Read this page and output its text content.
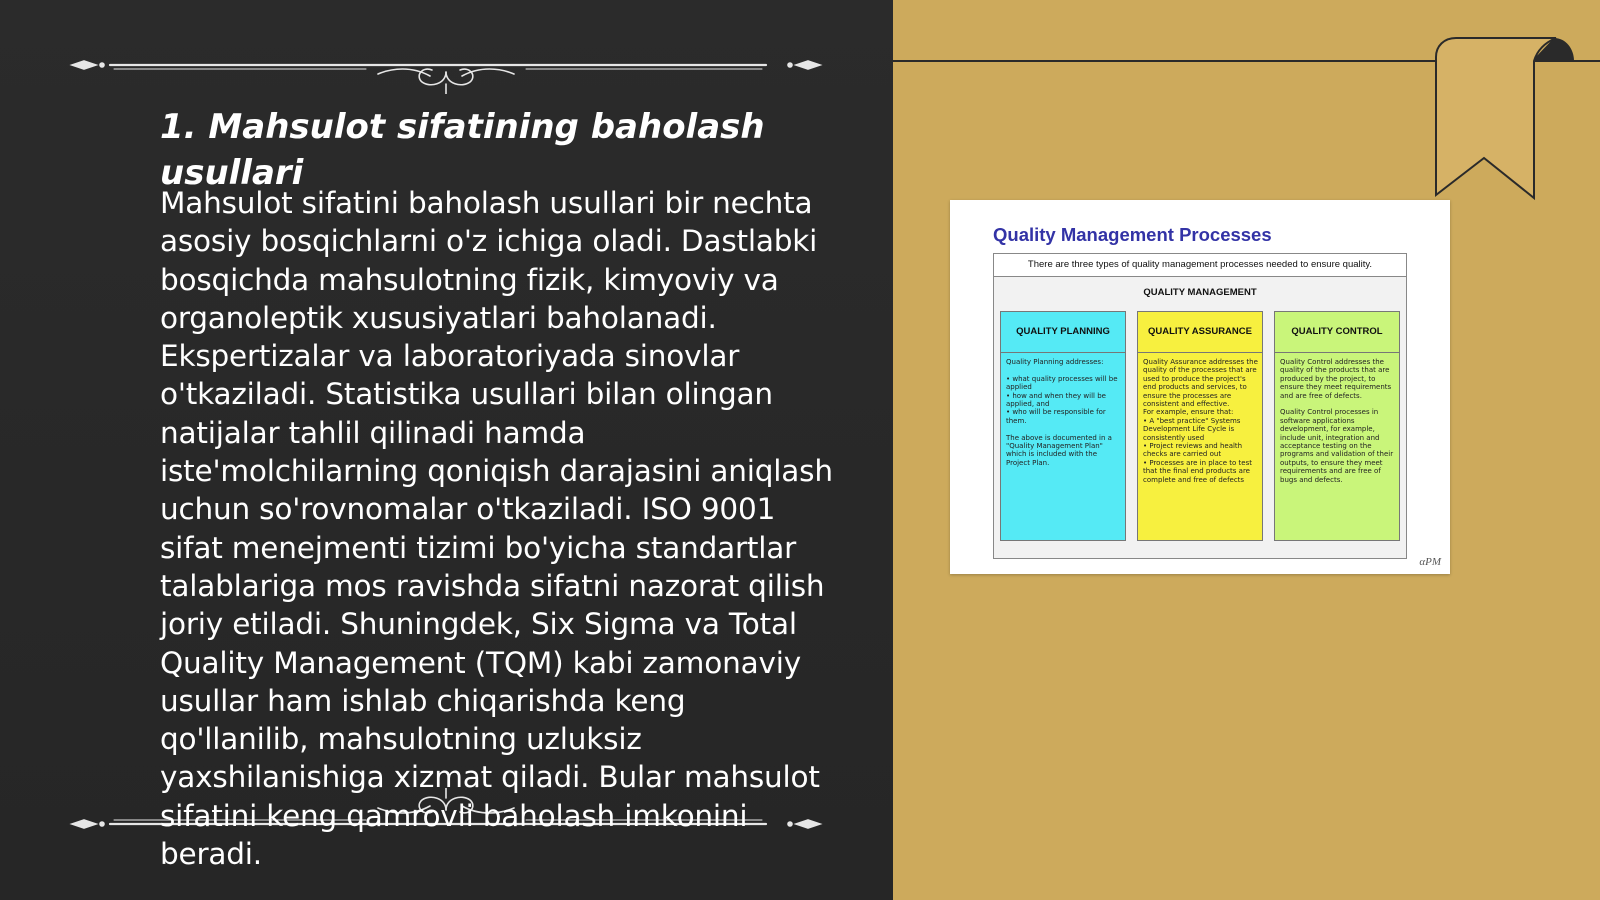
1. Mahsulot sifatining baholash usullari

Mahsulot sifatini baholash usullari bir nechta asosiy bosqichlarni o'z ichiga oladi. Dastlabki bosqichda mahsulotning fizik, kimyoviy va organoleptik xususiyatlari baholanadi. Ekspertizalar va laboratoriyada sinovlar o'tkaziladi. Statistika usullari bilan olingan natijalar tahlil qilinadi hamda iste'molchilarning qoniqish darajasini aniqlash uchun so'rovnomalar o'tkaziladi. ISO 9001 sifat menejmenti tizimi bo'yicha standartlar talablariga mos ravishda sifatni nazorat qilish joriy etiladi. Shuningdek, Six Sigma va Total Quality Management (TQM) kabi zamonaviy usullar ham ishlab chiqarishda keng qo'llanilib, mahsulotning uzluksiz yaxshilanishiga xizmat qiladi. Bular mahsulot sifatini keng qamrovli baholash imkonini beradi.

Quality Management Processes
There are three types of quality management processes needed to ensure quality.
QUALITY MANAGEMENT
QUALITY PLANNING
Quality Planning addresses:

• what quality processes will be applied
• how and when they will be applied, and
• who will be responsible for them.

The above is documented in a "Quality Management Plan" which is included with the Project Plan.
QUALITY ASSURANCE
Quality Assurance addresses the quality of the processes that are used to produce the project's end products and services, to ensure the processes are consistent and effective.
For example, ensure that:
• A "best practice" Systems Development Life Cycle is consistently used
• Project reviews and health checks are carried out
• Processes are in place to test that the final end products are complete and free of defects
QUALITY CONTROL
Quality Control addresses the quality of the products that are produced by the project, to ensure they meet requirements and are free of defects.

Quality Control processes in software applications development, for example, include unit, integration and acceptance testing on the programs and validation of their outputs, to ensure they meet requirements and are free of bugs and defects.
αPM
